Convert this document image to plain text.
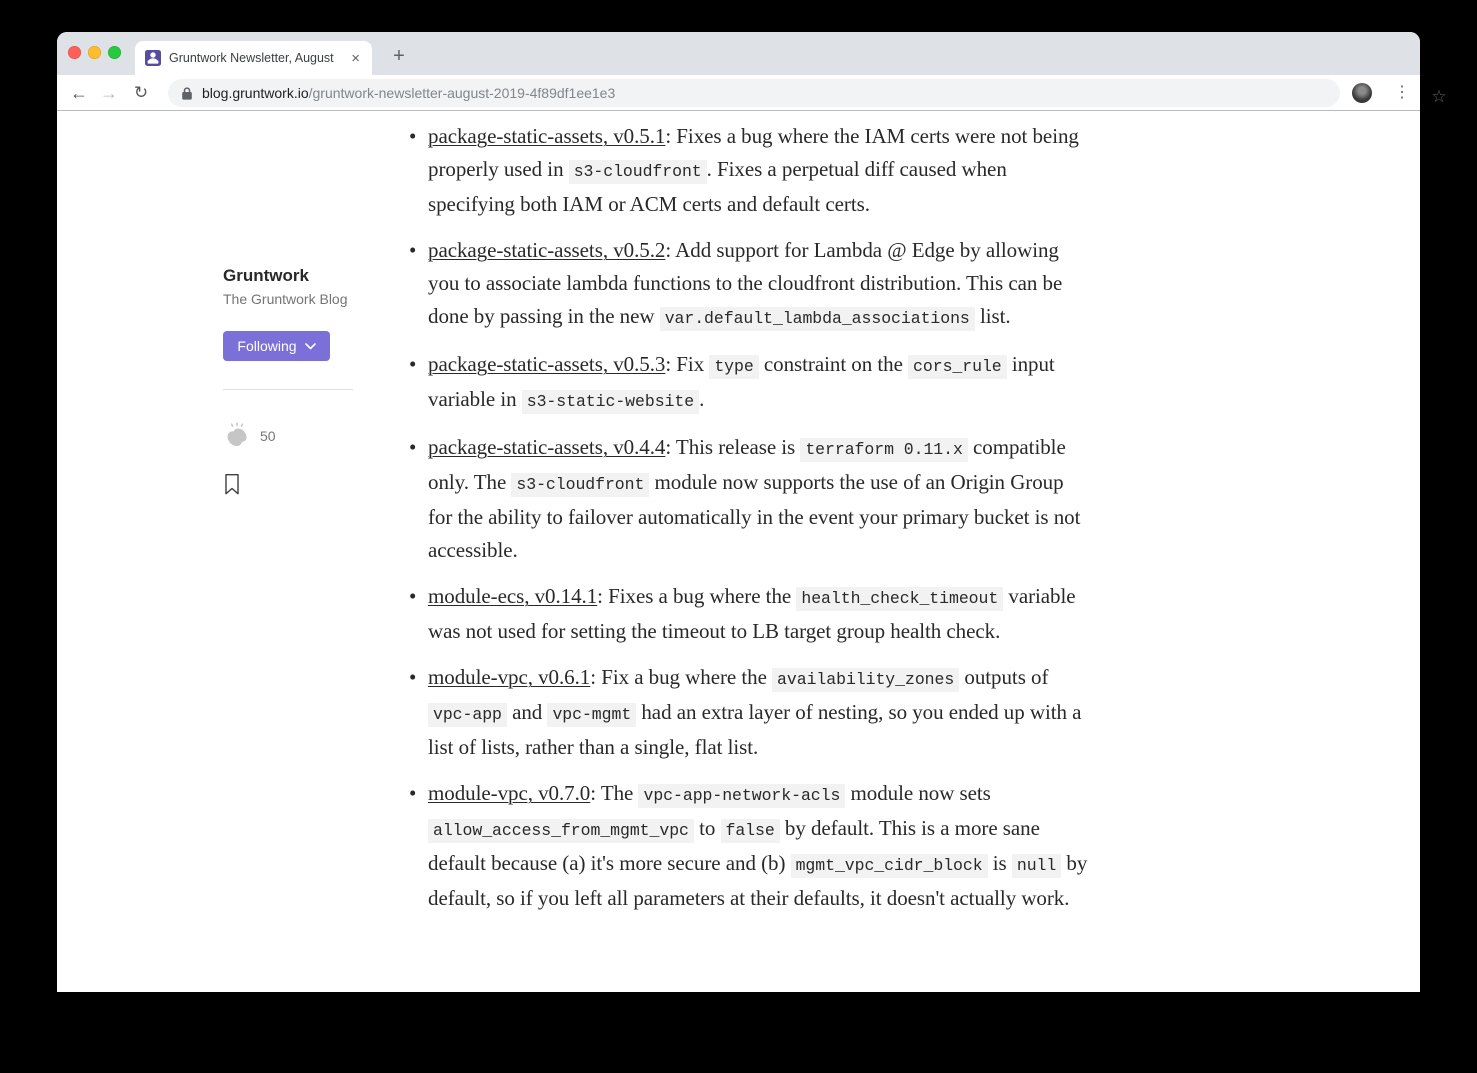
Gruntwork Newsletter, August	×	+
← → ↻	blog.gruntwork.io/gruntwork-newsletter-august-2019-4f89df1ee1e3	☆
⋮
Gruntwork
The Gruntwork Blog
Following
50
• package-static-assets, v0.5.1: Fixes a bug where the IAM certs were not being properly used in s3-cloudfront . Fixes a perpetual diff caused when specifying both IAM or ACM certs and default certs.
• package-static-assets, v0.5.2: Add support for Lambda @ Edge by allowing you to associate lambda functions to the cloudfront distribution. This can be done by passing in the new var.default_lambda_associations list.
• package-static-assets, v0.5.3: Fix type constraint on the cors_rule input variable in s3-static-website .
• package-static-assets, v0.4.4: This release is terraform 0.11.x compatible only. The s3-cloudfront module now supports the use of an Origin Group for the ability to failover automatically in the event your primary bucket is not accessible.
• module-ecs, v0.14.1: Fixes a bug where the health_check_timeout variable was not used for setting the timeout to LB target group health check.
• module-vpc, v0.6.1: Fix a bug where the availability_zones outputs of vpc-app and vpc-mgmt had an extra layer of nesting, so you ended up with a list of lists, rather than a single, flat list.
• module-vpc, v0.7.0: The vpc-app-network-acls module now sets allow_access_from_mgmt_vpc to false by default. This is a more sane default because (a) it's more secure and (b) mgmt_vpc_cidr_block is null by default, so if you left all parameters at their defaults, it doesn't actually work.
